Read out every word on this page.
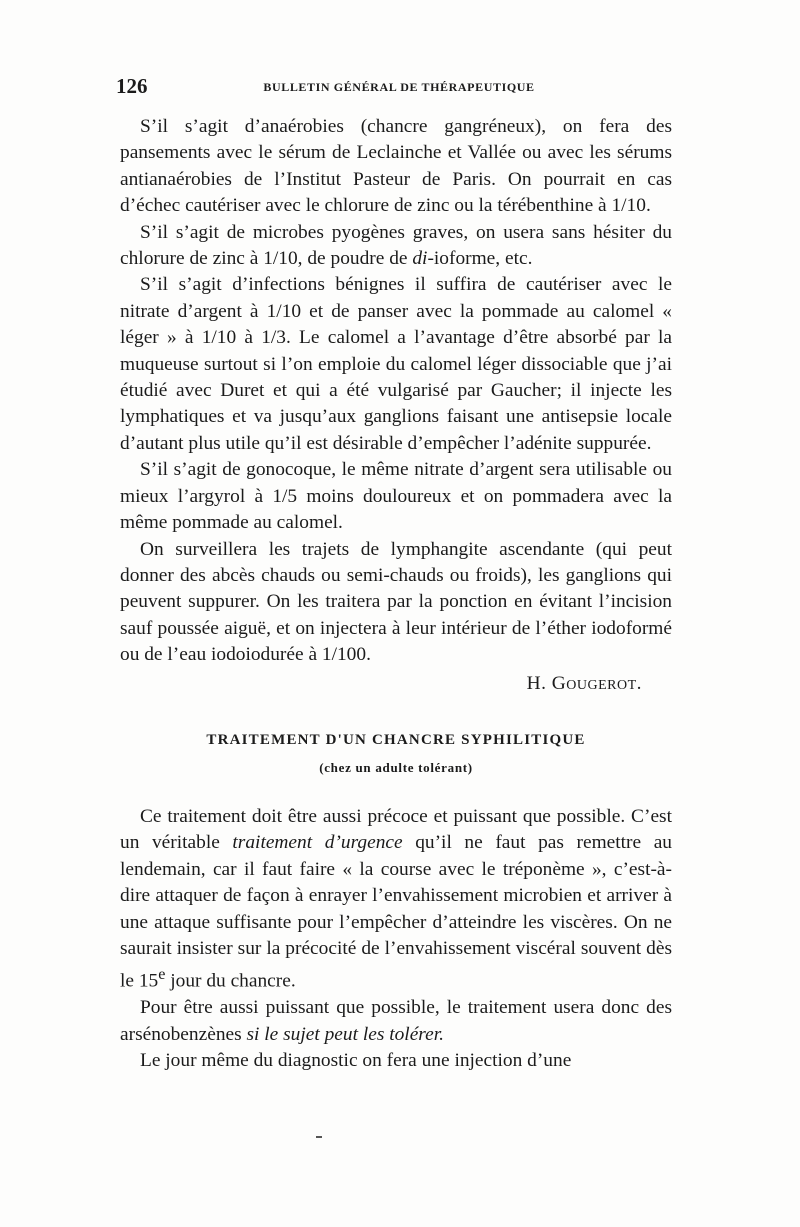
126	BULLETIN GÉNÉRAL DE THÉRAPEUTIQUE

S’il s’agit d’anaérobies (chancre gangréneux), on fera des pansements avec le sérum de Leclainche et Vallée ou avec les sérums antianaérobies de l’Institut Pasteur de Paris. On pourrait en cas d’échec cautériser avec le chlorure de zinc ou la térébenthine à 1/10.

S’il s’agit de microbes pyogènes graves, on usera sans hésiter du chlorure de zinc à 1/10, de poudre de di-ioforme, etc.

S’il s’agit d’infections bénignes il suffira de cautériser avec le nitrate d’argent à 1/10 et de panser avec la pommade au calomel « léger » à 1/10 à 1/3. Le calomel a l’avantage d’être absorbé par la muqueuse surtout si l’on emploie du calomel léger dissociable que j’ai étudié avec Duret et qui a été vulgarisé par Gaucher; il injecte les lymphatiques et va jusqu’aux ganglions faisant une antisepsie locale d’autant plus utile qu’il est désirable d’empêcher l’adénite suppurée.

S’il s’agit de gonocoque, le même nitrate d’argent sera utilisable ou mieux l’argyrol à 1/5 moins douloureux et on pommadera avec la même pommade au calomel.

On surveillera les trajets de lymphangite ascendante (qui peut donner des abcès chauds ou semi-chauds ou froids), les ganglions qui peuvent suppurer. On les traitera par la ponction en évitant l’incision sauf poussée aiguë, et on injectera à leur intérieur de l’éther iodoformé ou de l’eau iodoiodurée à 1/100.

H. Gougerot.
TRAITEMENT D'UN CHANCRE SYPHILITIQUE
(chez un adulte tolérant)

Ce traitement doit être aussi précoce et puissant que possible. C’est un véritable traitement d’urgence qu’il ne faut pas remettre au lendemain, car il faut faire « la course avec le tréponème », c’est-à-dire attaquer de façon à enrayer l’envahissement microbien et arriver à une attaque suffisante pour l’empêcher d’atteindre les viscères. On ne saurait insister sur la précocité de l’envahissement viscéral souvent dès le 15e jour du chancre.

Pour être aussi puissant que possible, le traitement usera donc des arsénobenzènes si le sujet peut les tolérer.

Le jour même du diagnostic on fera une injection d’une
